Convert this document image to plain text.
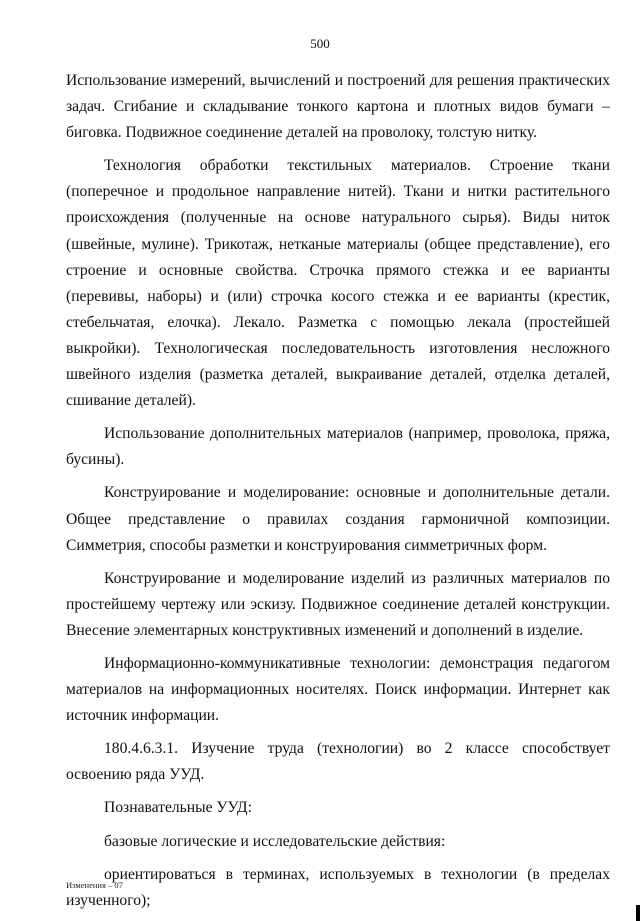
500

Использование измерений, вычислений и построений для решения практических задач. Сгибание и складывание тонкого картона и плотных видов бумаги – биговка. Подвижное соединение деталей на проволоку, толстую нитку.

Технология обработки текстильных материалов. Строение ткани (поперечное и продольное направление нитей). Ткани и нитки растительного происхождения (полученные на основе натурального сырья). Виды ниток (швейные, мулине). Трикотаж, нетканые материалы (общее представление), его строение и основные свойства. Строчка прямого стежка и ее варианты (перевивы, наборы) и (или) строчка косого стежка и ее варианты (крестик, стебельчатая, елочка). Лекало. Разметка с помощью лекала (простейшей выкройки). Технологическая последовательность изготовления несложного швейного изделия (разметка деталей, выкраивание деталей, отделка деталей, сшивание деталей).

Использование дополнительных материалов (например, проволока, пряжа, бусины).

Конструирование и моделирование: основные и дополнительные детали. Общее представление о правилах создания гармоничной композиции. Симметрия, способы разметки и конструирования симметричных форм.

Конструирование и моделирование изделий из различных материалов по простейшему чертежу или эскизу. Подвижное соединение деталей конструкции. Внесение элементарных конструктивных изменений и дополнений в изделие.

Информационно-коммуникативные технологии: демонстрация педагогом материалов на информационных носителях. Поиск информации. Интернет как источник информации.

180.4.6.3.1. Изучение труда (технологии) во 2 классе способствует освоению ряда УУД.

Познавательные УУД:

базовые логические и исследовательские действия:

ориентироваться в терминах, используемых в технологии (в пределах изученного);

Изменения – 07
